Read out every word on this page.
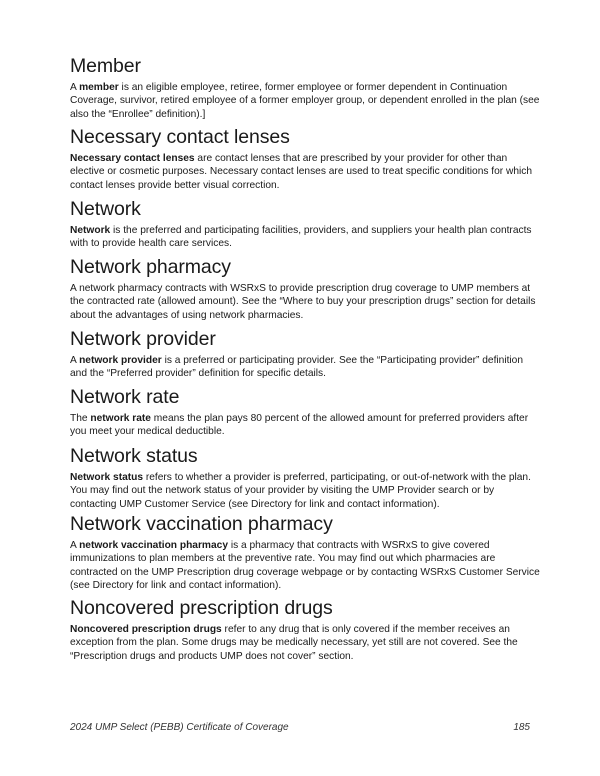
Member

A member is an eligible employee, retiree, former employee or former dependent in Continuation Coverage, survivor, retired employee of a former employer group, or dependent enrolled in the plan (see also the “Enrollee” definition).]

Necessary contact lenses

Necessary contact lenses are contact lenses that are prescribed by your provider for other than elective or cosmetic purposes. Necessary contact lenses are used to treat specific conditions for which contact lenses provide better visual correction.

Network

Network is the preferred and participating facilities, providers, and suppliers your health plan contracts with to provide health care services.

Network pharmacy

A network pharmacy contracts with WSRxS to provide prescription drug coverage to UMP members at the contracted rate (allowed amount). See the “Where to buy your prescription drugs” section for details about the advantages of using network pharmacies.

Network provider

A network provider is a preferred or participating provider. See the “Participating provider” definition and the “Preferred provider” definition for specific details.

Network rate

The network rate means the plan pays 80 percent of the allowed amount for preferred providers after you meet your medical deductible.

Network status

Network status refers to whether a provider is preferred, participating, or out-of-network with the plan. You may find out the network status of your provider by visiting the UMP Provider search or by contacting UMP Customer Service (see Directory for link and contact information).

Network vaccination pharmacy

A network vaccination pharmacy is a pharmacy that contracts with WSRxS to give covered immunizations to plan members at the preventive rate. You may find out which pharmacies are contracted on the UMP Prescription drug coverage webpage or by contacting WSRxS Customer Service (see Directory for link and contact information).

Noncovered prescription drugs

Noncovered prescription drugs refer to any drug that is only covered if the member receives an exception from the plan. Some drugs may be medically necessary, yet still are not covered. See the “Prescription drugs and products UMP does not cover” section.

2024 UMP Select (PEBB) Certificate of Coverage	185
